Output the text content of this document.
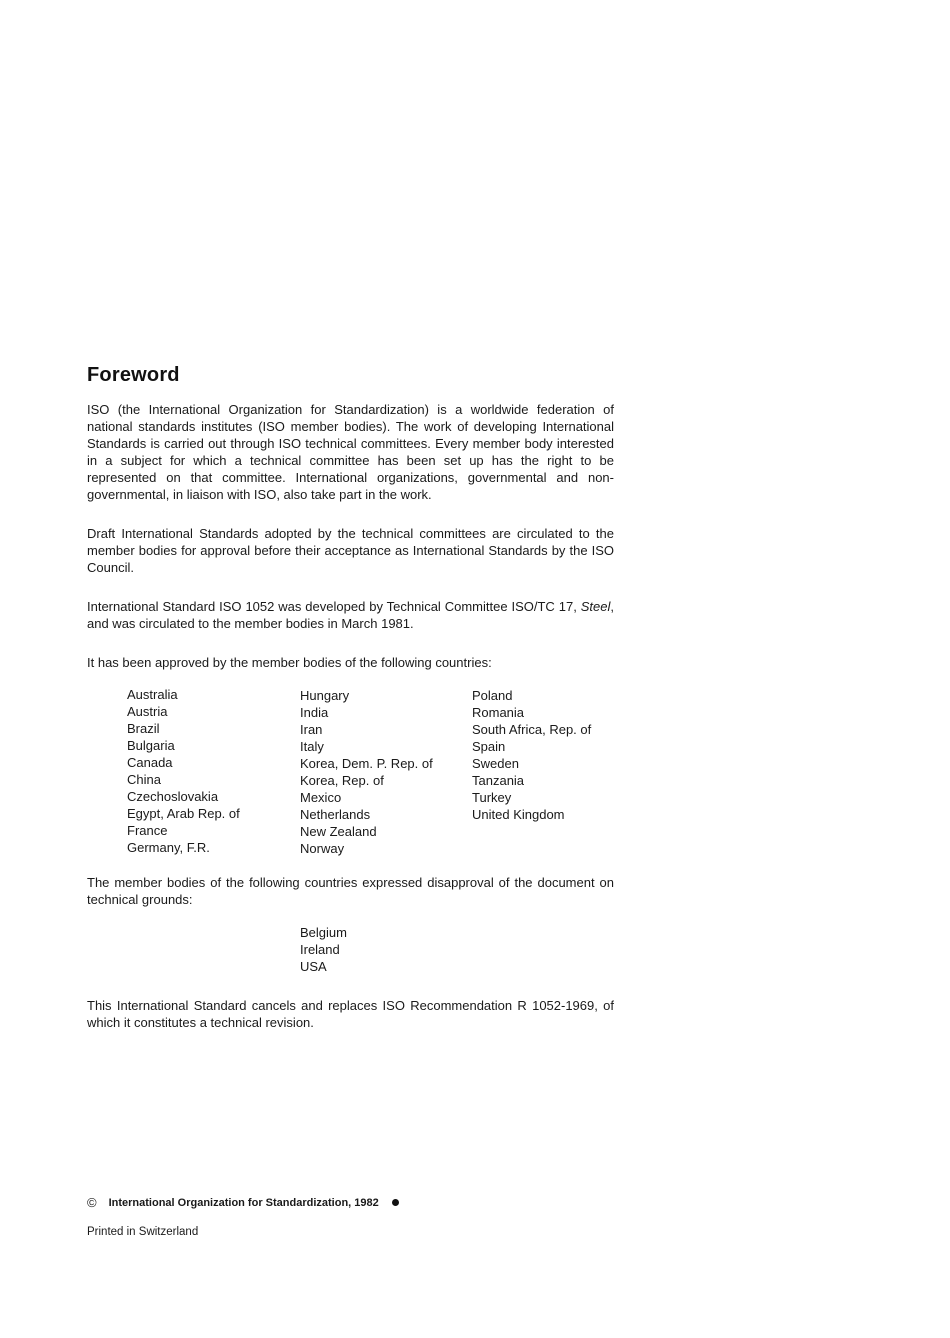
Foreword

ISO (the International Organization for Standardization) is a worldwide federation of national standards institutes (ISO member bodies). The work of developing International Standards is carried out through ISO technical committees. Every member body interested in a subject for which a technical committee has been set up has the right to be represented on that committee. International organizations, governmental and non-governmental, in liaison with ISO, also take part in the work.

Draft International Standards adopted by the technical committees are circulated to the member bodies for approval before their acceptance as International Standards by the ISO Council.

International Standard ISO 1052 was developed by Technical Committee ISO/TC 17, Steel, and was circulated to the member bodies in March 1981.

It has been approved by the member bodies of the following countries:

Australia
Austria
Brazil
Bulgaria
Canada
China
Czechoslovakia
Egypt, Arab Rep. of
France
Germany, F.R.
Hungary
India
Iran
Italy
Korea, Dem. P. Rep. of
Korea, Rep. of
Mexico
Netherlands
New Zealand
Norway
Poland
Romania
South Africa, Rep. of
Spain
Sweden
Tanzania
Turkey
United Kingdom

The member bodies of the following countries expressed disapproval of the document on technical grounds:

Belgium
Ireland
USA

This International Standard cancels and replaces ISO Recommendation R 1052-1969, of which it constitutes a technical revision.

© International Organization for Standardization, 1982
Printed in Switzerland
